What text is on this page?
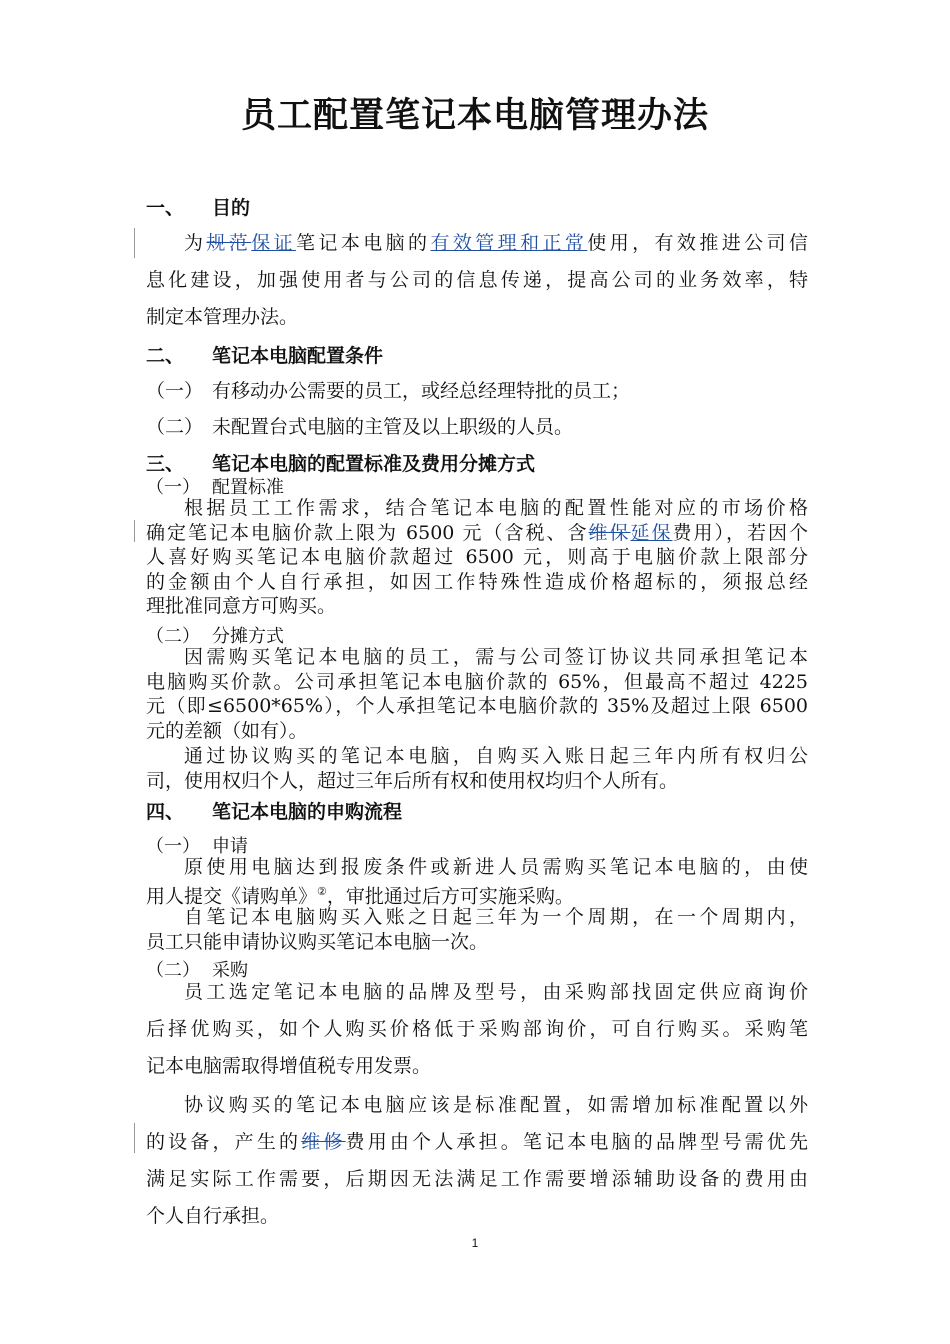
员工配置笔记本电脑管理办法
一、 目的
为规范保证笔记本电脑的有效管理和正常使用，有效推进公司信
息化建设，加强使用者与公司的信息传递，提高公司的业务效率，特
制定本管理办法。
二、 笔记本电脑配置条件
（一） 有移动办公需要的员工，或经总经理特批的员工；
（二） 未配置台式电脑的主管及以上职级的人员。
三、 笔记本电脑的配置标准及费用分摊方式
（一） 配置标准
根据员工工作需求，结合笔记本电脑的配置性能对应的市场价格
确定笔记本电脑价款上限为 6500 元（含税、含维保延保费用），若因个
人喜好购买笔记本电脑价款超过 6500 元，则高于电脑价款上限部分
的金额由个人自行承担，如因工作特殊性造成价格超标的，须报总经
理批准同意方可购买。
（二） 分摊方式
因需购买笔记本电脑的员工，需与公司签订协议共同承担笔记本
电脑购买价款。公司承担笔记本电脑价款的 65%，但最高不超过 4225
元（即≤6500*65%），个人承担笔记本电脑价款的 35%及超过上限 6500
元的差额（如有）。
通过协议购买的笔记本电脑，自购买入账日起三年内所有权归公
司，使用权归个人，超过三年后所有权和使用权均归个人所有。
四、 笔记本电脑的申购流程
（一） 申请
原使用电脑达到报废条件或新进人员需购买笔记本电脑的，由使
用人提交《请购单》②，审批通过后方可实施采购。
自笔记本电脑购买入账之日起三年为一个周期，在一个周期内，
员工只能申请协议购买笔记本电脑一次。
（二） 采购
员工选定笔记本电脑的品牌及型号，由采购部找固定供应商询价
后择优购买，如个人购买价格低于采购部询价，可自行购买。采购笔
记本电脑需取得增值税专用发票。
协议购买的笔记本电脑应该是标准配置，如需增加标准配置以外
的设备，产生的维修费用由个人承担。笔记本电脑的品牌型号需优先
满足实际工作需要，后期因无法满足工作需要增添辅助设备的费用由
个人自行承担。
1
